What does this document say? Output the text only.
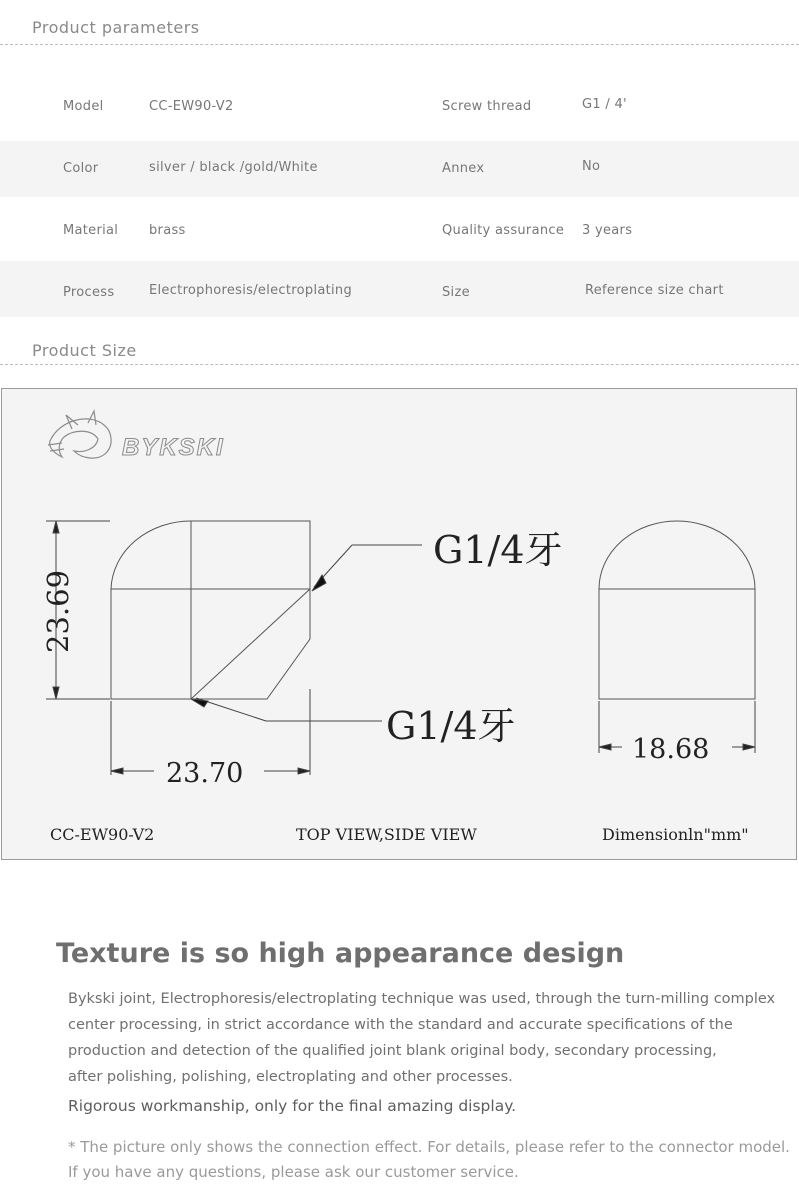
Product parameters
Model	CC-EW90-V2	Screw thread	G1 / 4'
Color	silver / black /gold/White	Annex	No
Material brass	Quality assurance 3 years
Process	Electrophoresis/electroplating	Size	Reference size chart
Product Size
BYKSKI
23.69
23.70
G1/4牙
G1/4牙
18.68
CC-EW90-V2	TOP VIEW,SIDE VIEW	Dimensionln"mm"
Texture is so high appearance design
Bykski joint, Electrophoresis/electroplating technique was used, through the turn-milling complex
center processing, in strict accordance with the standard and accurate specifications of the
production and detection of the qualified joint blank original body, secondary processing,
after polishing, polishing, electroplating and other processes.
Rigorous workmanship, only for the final amazing display.
* The picture only shows the connection effect. For details, please refer to the connector model.
If you have any questions, please ask our customer service.
